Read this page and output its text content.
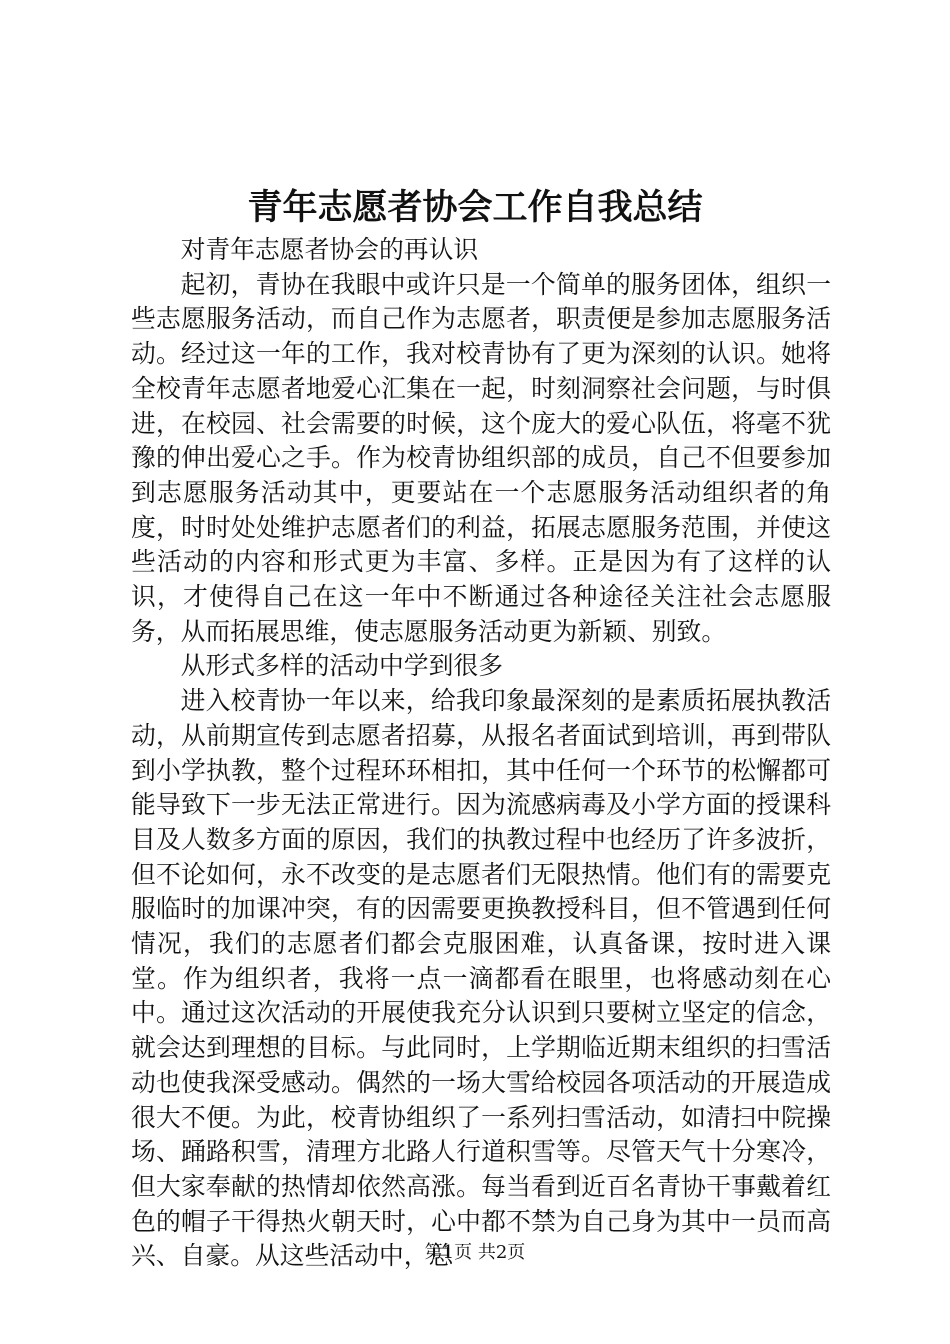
青年志愿者协会工作自我总结

对青年志愿者协会的再认识

起初，青协在我眼中或许只是一个简单的服务团体，组织一些志愿服务活动，而自己作为志愿者，职责便是参加志愿服务活动。经过这一年的工作，我对校青协有了更为深刻的认识。她将全校青年志愿者地爱心汇集在一起，时刻洞察社会问题，与时俱进，在校园、社会需要的时候，这个庞大的爱心队伍，将毫不犹豫的伸出爱心之手。作为校青协组织部的成员，自己不但要参加到志愿服务活动其中，更要站在一个志愿服务活动组织者的角度，时时处处维护志愿者们的利益，拓展志愿服务范围，并使这些活动的内容和形式更为丰富、多样。正是因为有了这样的认识，才使得自己在这一年中不断通过各种途径关注社会志愿服务，从而拓展思维，使志愿服务活动更为新颖、别致。

从形式多样的活动中学到很多

进入校青协一年以来，给我印象最深刻的是素质拓展执教活动，从前期宣传到志愿者招募，从报名者面试到培训，再到带队到小学执教，整个过程环环相扣，其中任何一个环节的松懈都可能导致下一步无法正常进行。因为流感病毒及小学方面的授课科目及人数多方面的原因，我们的执教过程中也经历了许多波折，但不论如何，永不改变的是志愿者们无限热情。他们有的需要克服临时的加课冲突，有的因需要更换教授科目，但不管遇到任何情况，我们的志愿者们都会克服困难，认真备课，按时进入课堂。作为组织者，我将一点一滴都看在眼里，也将感动刻在心中。通过这次活动的开展使我充分认识到只要树立坚定的信念，就会达到理想的目标。与此同时，上学期临近期末组织的扫雪活动也使我深受感动。偶然的一场大雪给校园各项活动的开展造成很大不便。为此，校青协组织了一系列扫雪活动，如清扫中院操场、踊路积雪，清理方北路人行道积雪等。尽管天气十分寒冷，但大家奉献的热情却依然高涨。每当看到近百名青协干事戴着红色的帽子干得热火朝天时，心中都不禁为自己身为其中一员而高兴、自豪。从这些活动中，总

第1页 共2页
